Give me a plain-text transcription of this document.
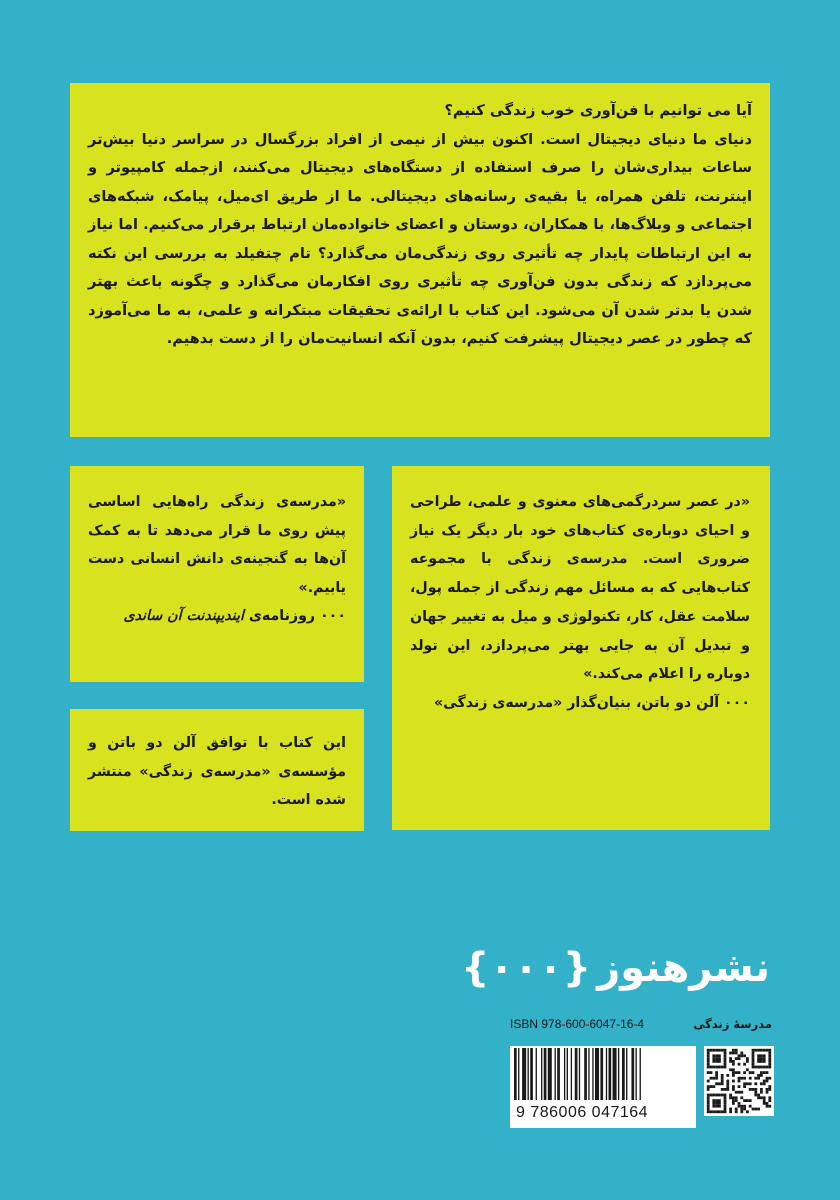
آیا می توانیم با فن‌آوری خوب زندگی کنیم؟
دنیای ما دنیای دیجیتال است. اکنون بیش از نیمی از افراد بزرگسال در سراسر دنیا بیش‌تر ساعات بیداری‌شان را صرف استفاده از دستگاه‌های دیجیتال می‌کنند، ازجمله کامپیوتر و اینترنت، تلفن همراه، یا بقیه‌ی رسانه‌های دیجیتالی. ما از طریق ای‌میل، پیامک، شبکه‌های اجتماعی و وبلاگ‌ها، با همکاران، دوستان و اعضای خانواده‌مان ارتباط برقرار می‌کنیم. اما نیاز به این ارتباطات پایدار چه تأثیری روی زندگی‌مان می‌گذارد؟ تام چتفیلد به بررسی این نکته می‌پردازد که زندگی بدون فن‌آوری چه تأثیری روی افکارمان می‌گذارد و چگونه باعث بهتر شدن یا بدتر شدن آن می‌شود. این کتاب با ارائه‌ی تحقیقات مبتکرانه و علمی، به ما می‌آموزد که چطور در عصر دیجیتال پیشرفت کنیم، بدون آنکه انسانیت‌مان را از دست بدهیم.
«در عصر سردرگمی‌های معنوی و علمی، طراحی و احیای دوباره‌ی کتاب‌های خود بار دیگر یک نیاز ضروری است. مدرسه‌ی زندگی با مجموعه کتاب‌هایی که به مسائل مهم زندگی از جمله پول، سلامت عقل، کار، تکنولوژی و میل به تغییر جهان و تبدیل آن به جایی بهتر می‌پردازد، این تولد دوباره را اعلام می‌کند.»
٠٠٠ آلن دو باتن، بنیان‌گذار «مدرسه‌ی زندگی»
«مدرسه‌ی زندگی راه‌هایی اساسی پیش روی ما قرار می‌دهد تا به کمک آن‌ها به گنجینه‌ی دانش انسانی دست یابیم.»
٠٠٠ روزنامه‌ی ایندیپندنت آن ساندی
این کتاب با توافق آلن دو باتن و مؤسسه‌ی «مدرسه‌ی زندگی» منتشر شده است.
نشرهنوز
{٠٠٠}
ISBN 978-600-6047-16-4	مدرسهٔ زندگی
9 786006 047164
